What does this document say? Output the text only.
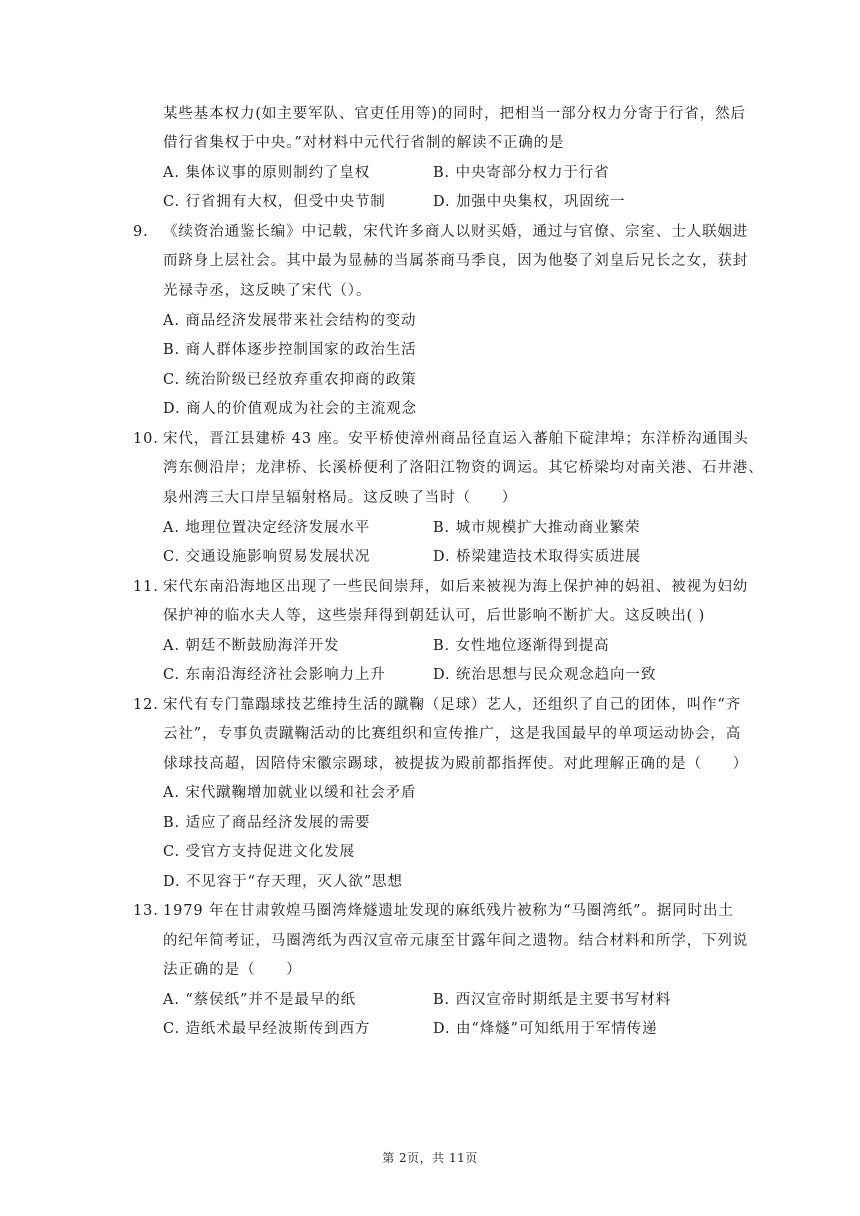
某些基本权力(如主要军队、官吏任用等)的同时，把相当一部分权力分寄于行省，然后
借行省集权于中央。”对材料中元代行省制的解读不正确的是
A. 集体议事的原则制约了皇权	B. 中央寄部分权力于行省
C. 行省拥有大权，但受中央节制	D. 加强中央集权，巩固统一
9. 《续资治通鉴长编》中记载，宋代许多商人以财买婚，通过与官僚、宗室、士人联姻进
而跻身上层社会。其中最为显赫的当属茶商马季良，因为他娶了刘皇后兄长之女，获封
光禄寺丞，这反映了宋代（）。
A. 商品经济发展带来社会结构的变动
B. 商人群体逐步控制国家的政治生活
C. 统治阶级已经放弃重农抑商的政策
D. 商人的价值观成为社会的主流观念
10. 宋代，晋江县建桥 43 座。安平桥使漳州商品径直运入蕃舶下碇津埠；东洋桥沟通围头
湾东侧沿岸；龙津桥、长溪桥便利了洛阳江物资的调运。其它桥梁均对南关港、石井港、
泉州湾三大口岸呈辐射格局。这反映了当时（　　）
A. 地理位置决定经济发展水平	B. 城市规模扩大推动商业繁荣
C. 交通设施影响贸易发展状况	D. 桥梁建造技术取得实质进展
11. 宋代东南沿海地区出现了一些民间崇拜，如后来被视为海上保护神的妈祖、被视为妇幼
保护神的临水夫人等，这些崇拜得到朝廷认可，后世影响不断扩大。这反映出( )
A. 朝廷不断鼓励海洋开发	B. 女性地位逐渐得到提高
C. 东南沿海经济社会影响力上升	D. 统治思想与民众观念趋向一致
12. 宋代有专门靠蹋球技艺维持生活的蹴鞠（足球）艺人，还组织了自己的团体，叫作“齐
云社”，专事负责蹴鞠活动的比赛组织和宣传推广，这是我国最早的单项运动协会，高
俅球技高超，因陪侍宋徽宗踢球，被提拔为殿前都指挥使。对此理解正确的是（　　）
A. 宋代蹴鞠增加就业以缓和社会矛盾
B. 适应了商品经济发展的需要
C. 受官方支持促进文化发展
D. 不见容于“存天理，灭人欲”思想
13. 1979 年在甘肃敦煌马圈湾烽燧遗址发现的麻纸残片被称为“马圈湾纸”。据同时出土
的纪年简考证，马圈湾纸为西汉宣帝元康至甘露年间之遗物。结合材料和所学，下列说
法正确的是（　　）
A. “蔡侯纸”并不是最早的纸	B. 西汉宣帝时期纸是主要书写材料
C. 造纸术最早经波斯传到西方	D. 由“烽燧”可知纸用于军情传递
第 2页，共 11页
